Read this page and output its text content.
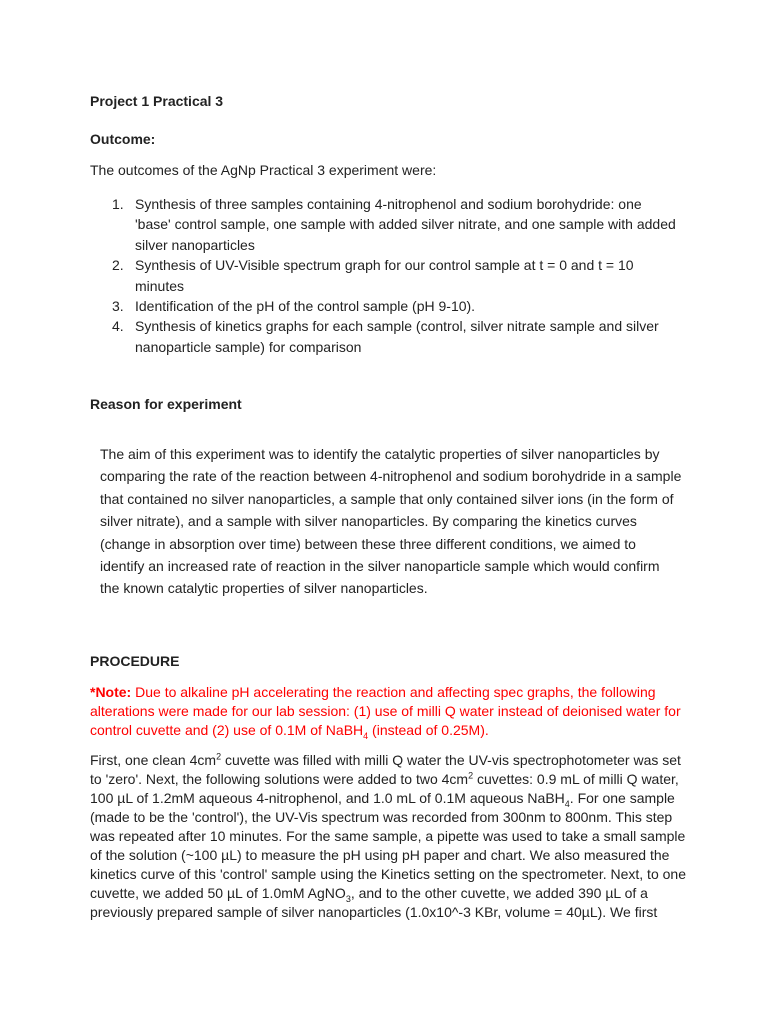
Project 1 Practical 3
Outcome:

The outcomes of the AgNp Practical 3 experiment were:

1. Synthesis of three samples containing 4-nitrophenol and sodium borohydride: one 'base' control sample, one sample with added silver nitrate, and one sample with added silver nanoparticles
2. Synthesis of UV-Visible spectrum graph for our control sample at t = 0 and t = 10 minutes
3. Identification of the pH of the control sample (pH 9-10).
4. Synthesis of kinetics graphs for each sample (control, silver nitrate sample and silver nanoparticle sample) for comparison
Reason for experiment

The aim of this experiment was to identify the catalytic properties of silver nanoparticles by comparing the rate of the reaction between 4-nitrophenol and sodium borohydride in a sample that contained no silver nanoparticles, a sample that only contained silver ions (in the form of silver nitrate), and a sample with silver nanoparticles. By comparing the kinetics curves (change in absorption over time) between these three different conditions, we aimed to identify an increased rate of reaction in the silver nanoparticle sample which would confirm the known catalytic properties of silver nanoparticles.

PROCEDURE

*Note: Due to alkaline pH accelerating the reaction and affecting spec graphs, the following alterations were made for our lab session: (1) use of milli Q water instead of deionised water for control cuvette and (2) use of 0.1M of NaBH$_4$ (instead of 0.25M).

First, one clean $4cm^2$ cuvette was filled with milli Q water the UV-vis spectrophotometer was set to 'zero'. Next, the following solutions were added to two $4cm^2$ cuvettes: 0.9 mL of milli Q water, 100 µL of 1.2mM aqueous 4-nitrophenol, and 1.0 mL of 0.1M aqueous NaBH$_4$. For one sample (made to be the 'control'), the UV-Vis spectrum was recorded from 300nm to 800nm. This step was repeated after 10 minutes. For the same sample, a pipette was used to take a small sample of the solution (~100 µL) to measure the pH using pH paper and chart. We also measured the kinetics curve of this 'control' sample using the Kinetics setting on the spectrometer. Next, to one cuvette, we added 50 µL of 1.0mM AgNO$_3$, and to the other cuvette, we added 390 µL of a previously prepared sample of silver nanoparticles (1.0x10^-3 KBr, volume = 40µL). We first
